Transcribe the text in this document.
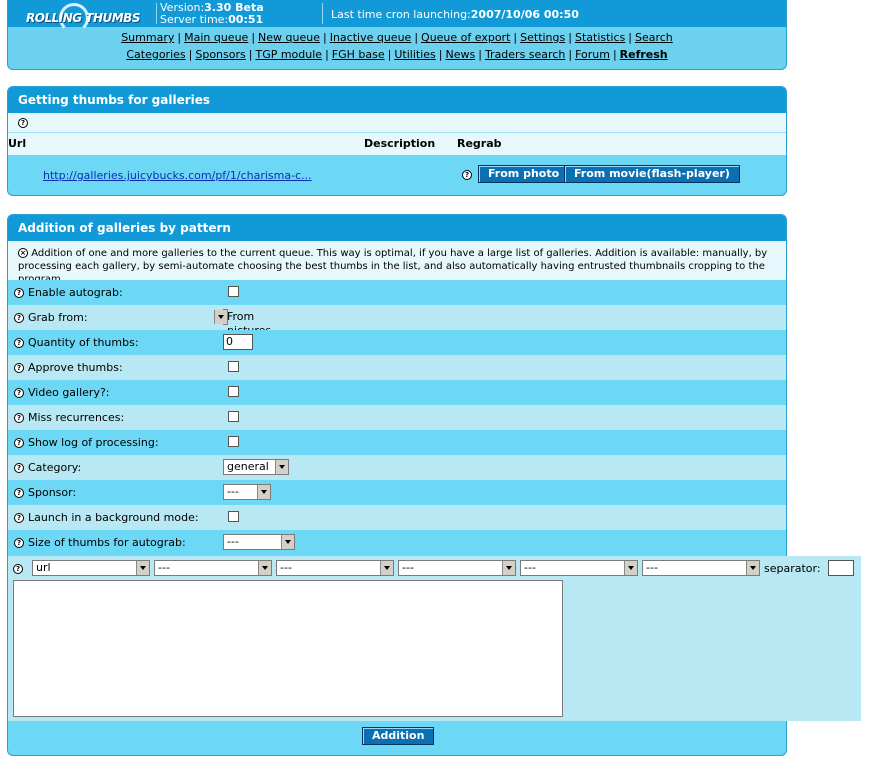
ROLLING THUMBS
Version:3.30 Beta
Server time:00:51	Last time cron launching:2007/10/06 00:50
Summary | Main queue | New queue | Inactive queue | Queue of export | Settings | Statistics | Search
Categories | Sponsors | TGP module | FGH base | Utilities | News | Traders search | Forum | Refresh
Getting thumbs for galleries
?
Url	Description Regrab
http://galleries.juicybucks.com/pf/1/charisma-c...	?	From photo	From movie(flash-player)
Addition of galleries by pattern
× Addition of one and more galleries to the current queue. This way is optimal, if you have a large list of galleries. Addition is available: manually, by processing each gallery, by semi-automate choosing the best thumbs in the list, and also automatically having entrusted thumbnails cropping to the
? Enable autograb:
? Grab from:	From
? Quantity of thumbs:	0
? Approve thumbs:
? Video gallery?:
? Miss recurrences:
? Show log of processing:
? Category:	general
? Sponsor:	---
? Launch in a background mode:
? Size of thumbs for autograb:	---
?	url	---	---	---	---	---	separator:
Addition
